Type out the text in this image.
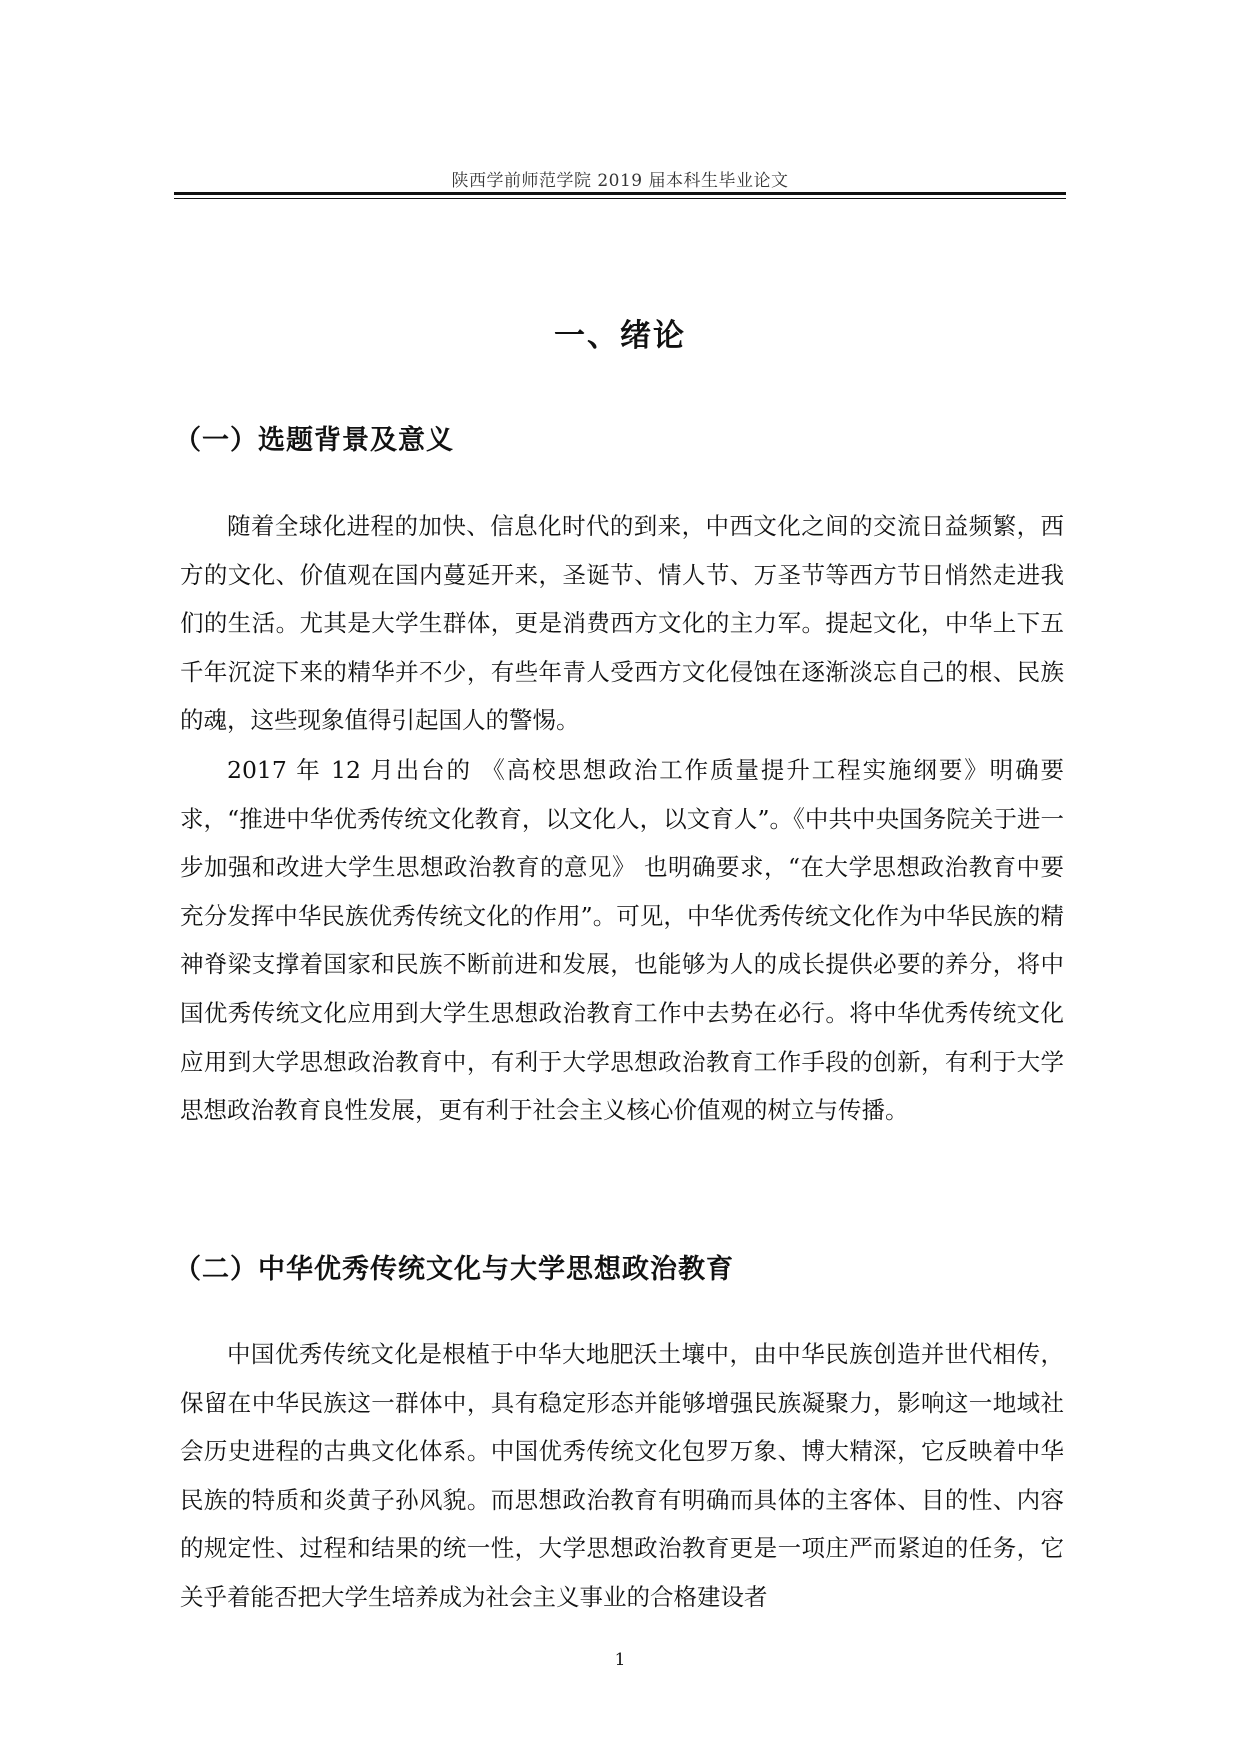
陕西学前师范学院 2019 届本科生毕业论文
一、绪论
（一）选题背景及意义

随着全球化进程的加快、信息化时代的到来，中西文化之间的交流日益频繁，西方的文化、价值观在国内蔓延开来，圣诞节、情人节、万圣节等西方节日悄然走进我们的生活。尤其是大学生群体，更是消费西方文化的主力军。提起文化，中华上下五千年沉淀下来的精华并不少，有些年青人受西方文化侵蚀在逐渐淡忘自己的根、民族的魂，这些现象值得引起国人的警惕。

2017 年 12 月出台的 《高校思想政治工作质量提升工程实施纲要》明确要求，“推进中华优秀传统文化教育，以文化人，以文育人”。《中共中央国务院关于进一步加强和改进大学生思想政治教育的意见》 也明确要求，“在大学思想政治教育中要充分发挥中华民族优秀传统文化的作用”。可见，中华优秀传统文化作为中华民族的精神脊梁支撑着国家和民族不断前进和发展，也能够为人的成长提供必要的养分，将中国优秀传统文化应用到大学生思想政治教育工作中去势在必行。将中华优秀传统文化应用到大学思想政治教育中，有利于大学思想政治教育工作手段的创新，有利于大学思想政治教育良性发展，更有利于社会主义核心价值观的树立与传播。

（二）中华优秀传统文化与大学思想政治教育

中国优秀传统文化是根植于中华大地肥沃土壤中，由中华民族创造并世代相传，保留在中华民族这一群体中，具有稳定形态并能够增强民族凝聚力，影响这一地域社会历史进程的古典文化体系。中国优秀传统文化包罗万象、博大精深，它反映着中华民族的特质和炎黄子孙风貌。而思想政治教育有明确而具体的主客体、目的性、内容的规定性、过程和结果的统一性，大学思想政治教育更是一项庄严而紧迫的任务，它关乎着能否把大学生培养成为社会主义事业的合格建设者

1
